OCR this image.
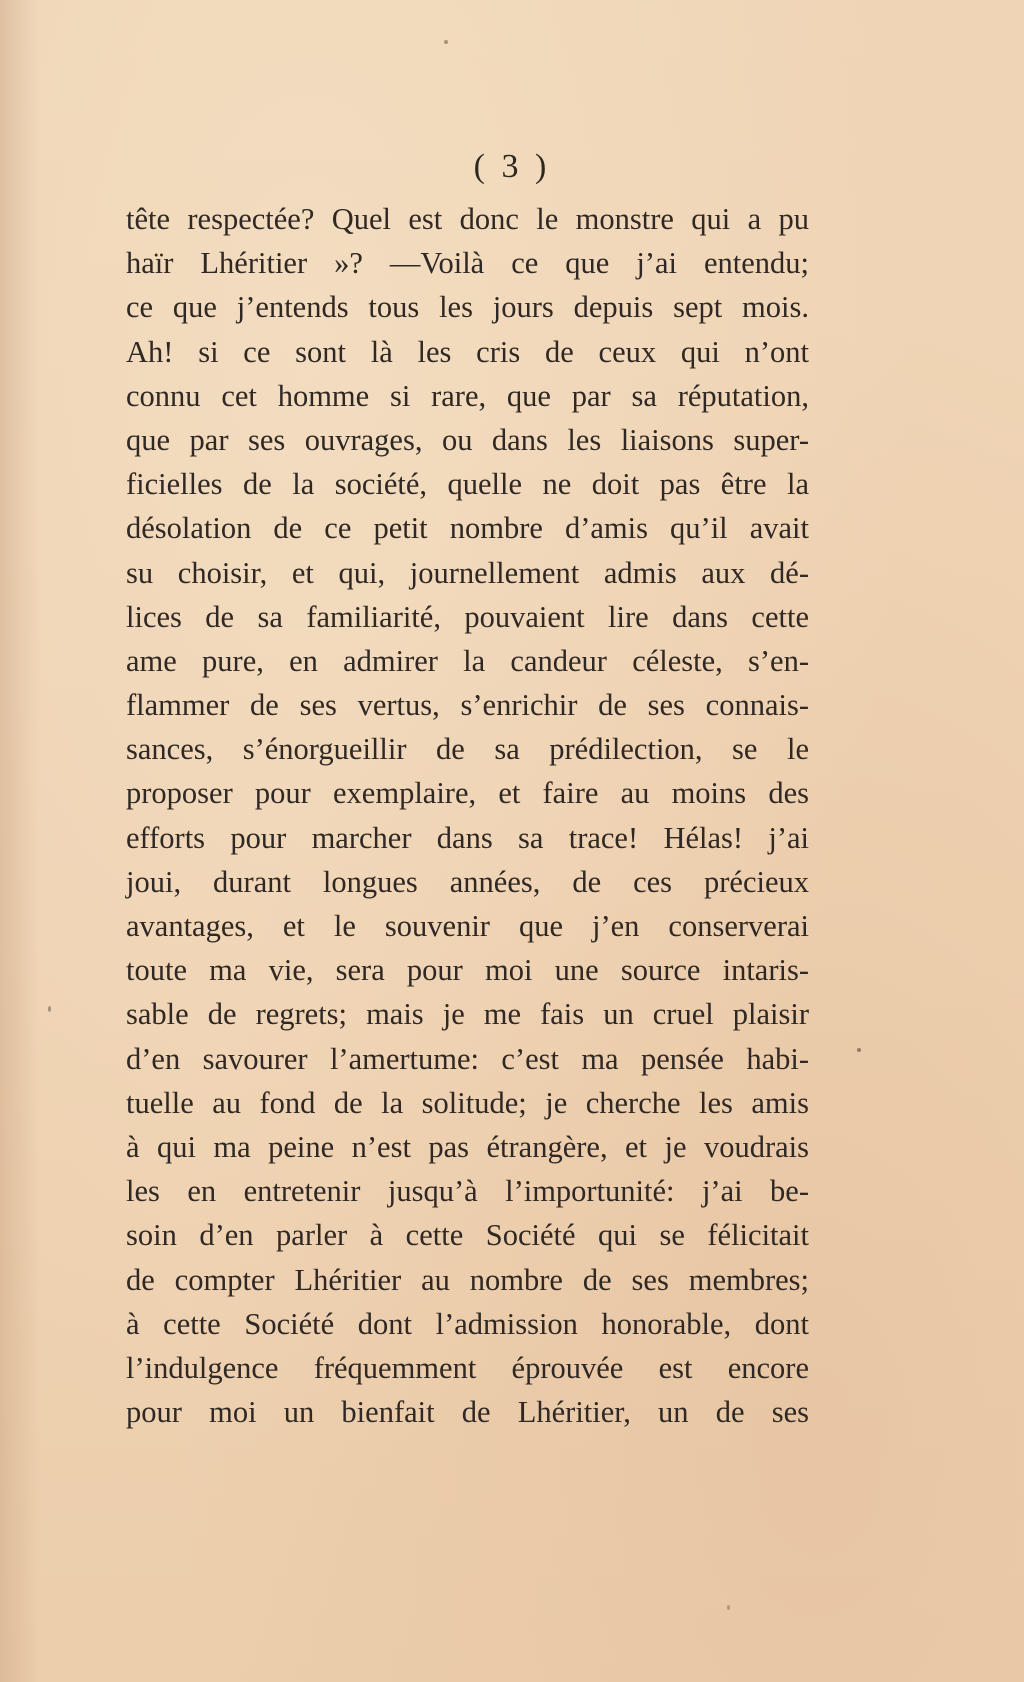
( 3 )
tête respectée? Quel est donc le monstre qui a pu
haïr Lhéritier »? —Voilà ce que j’ai entendu;
ce que j’entends tous les jours depuis sept mois.
Ah! si ce sont là les cris de ceux qui n’ont
connu cet homme si rare, que par sa réputation,
que par ses ouvrages, ou dans les liaisons super-
ficielles de la société, quelle ne doit pas être la
désolation de ce petit nombre d’amis qu’il avait
su choisir, et qui, journellement admis aux dé-
lices de sa familiarité, pouvaient lire dans cette
ame pure, en admirer la candeur céleste, s’en-
flammer de ses vertus, s’enrichir de ses connais-
sances, s’énorgueillir de sa prédilection, se le
proposer pour exemplaire, et faire au moins des
efforts pour marcher dans sa trace! Hélas! j’ai
joui, durant longues années, de ces précieux
avantages, et le souvenir que j’en conserverai
toute ma vie, sera pour moi une source intaris-
sable de regrets; mais je me fais un cruel plaisir
d’en savourer l’amertume: c’est ma pensée habi-
tuelle au fond de la solitude; je cherche les amis
à qui ma peine n’est pas étrangère, et je voudrais
les en entretenir jusqu’à l’importunité: j’ai be-
soin d’en parler à cette Société qui se félicitait
de compter Lhéritier au nombre de ses membres;
à cette Société dont l’admission honorable, dont
l’indulgence fréquemment éprouvée est encore
pour moi un bienfait de Lhéritier, un de ses
